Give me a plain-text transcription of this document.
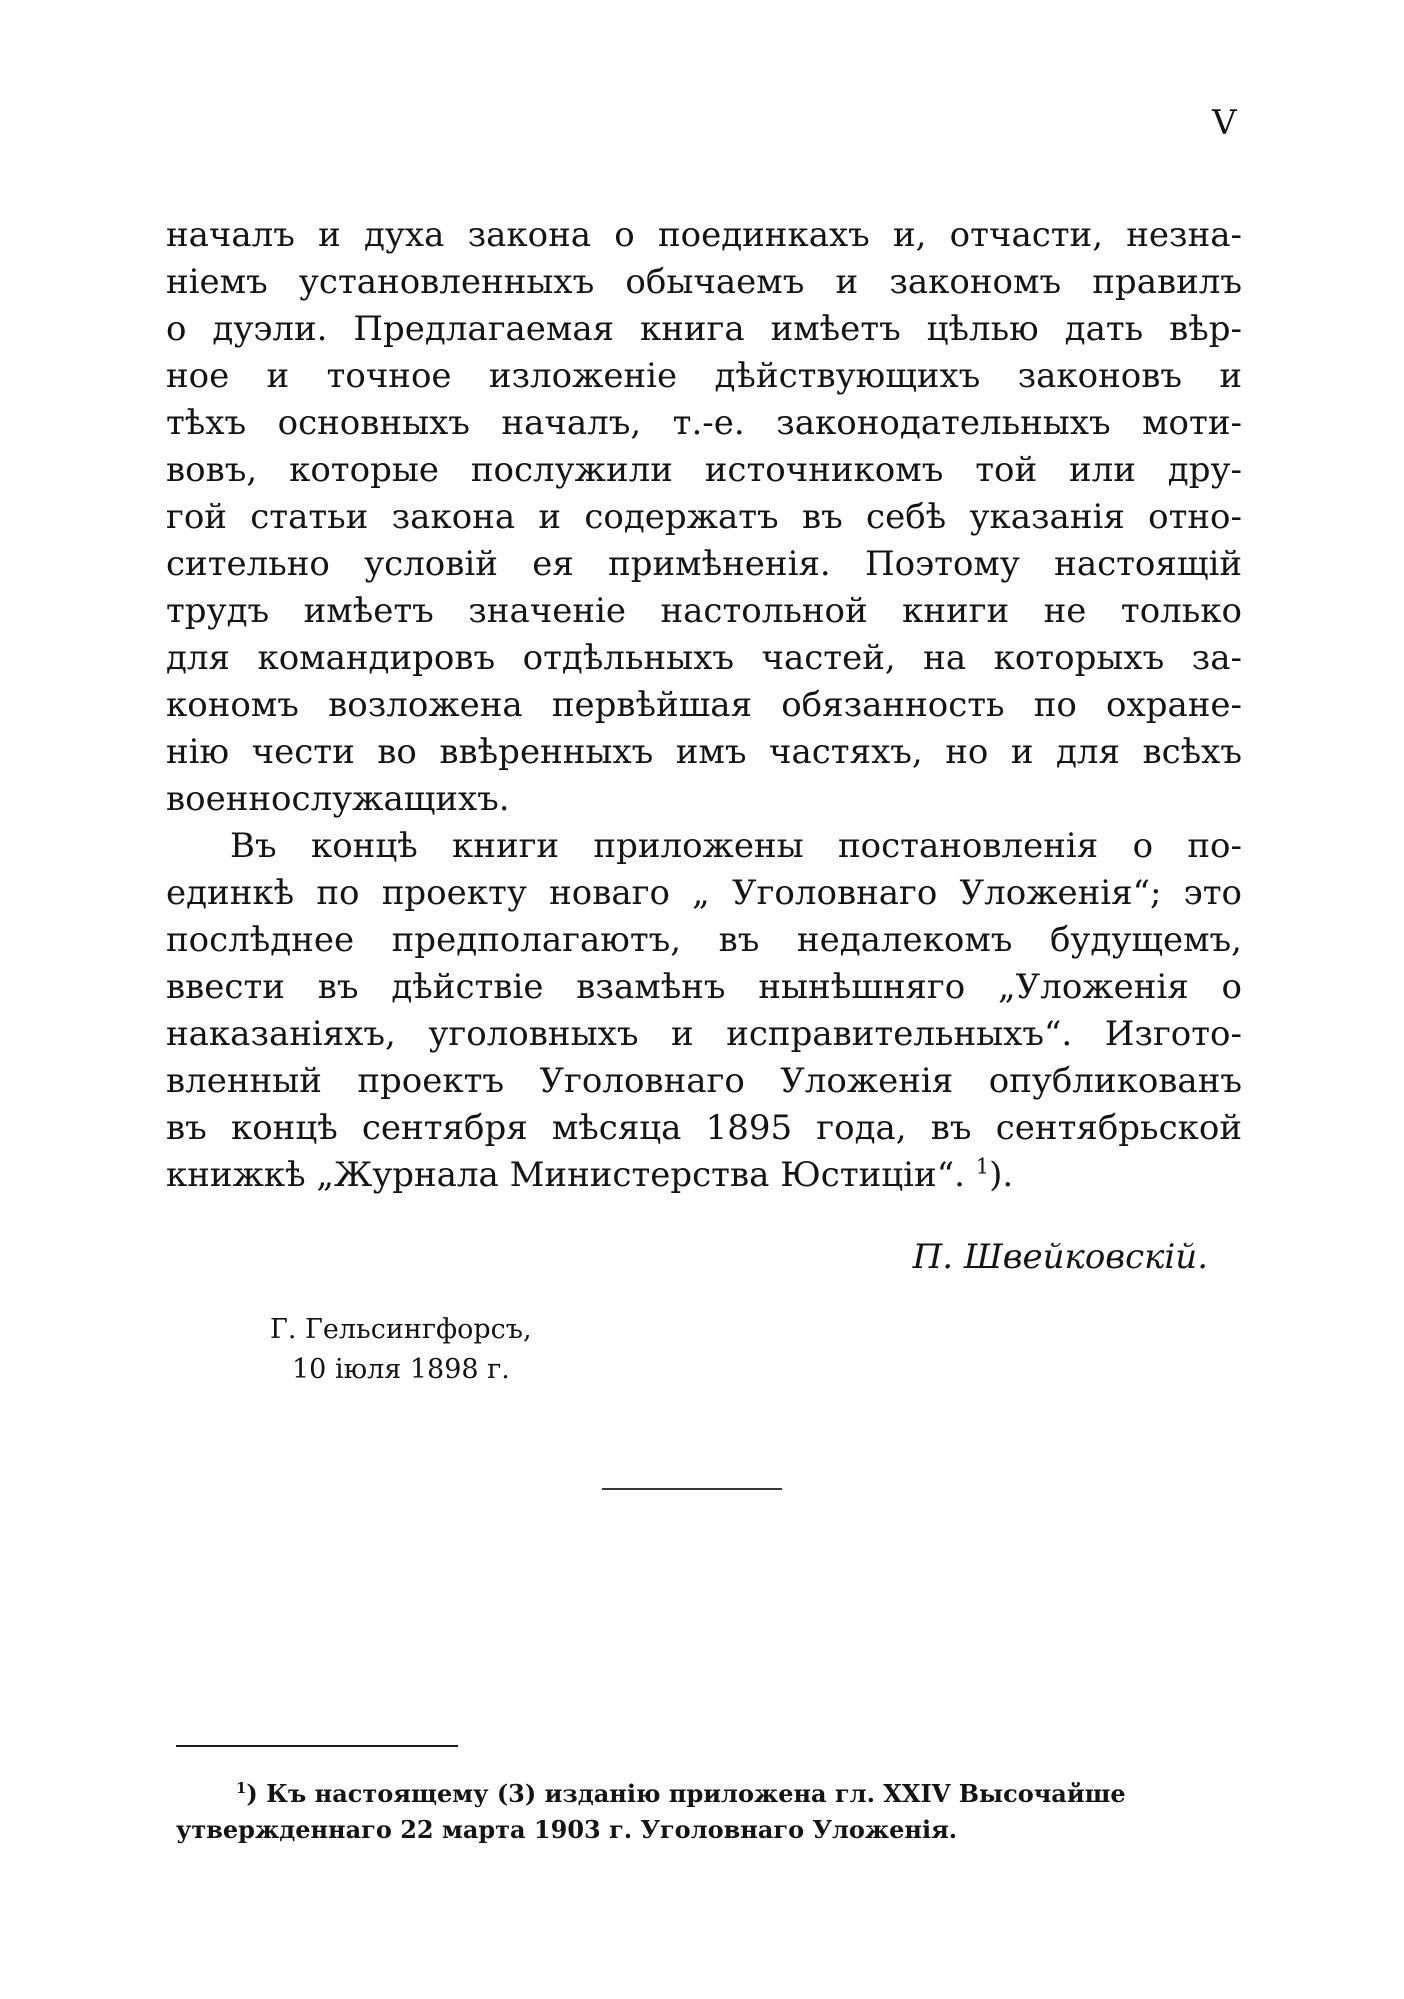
V
началъ и духа закона о поединкахъ и, отчасти, незна-
ніемъ установленныхъ обычаемъ и закономъ правилъ
о дуэли. Предлагаемая книга имѣетъ цѣлью дать вѣр-
ное и точное изложеніе дѣйствующихъ законовъ и
тѣхъ основныхъ началъ, т.-е. законодательныхъ моти-
вовъ, которые послужили источникомъ той или дру-
гой статьи закона и содержатъ въ себѣ указанія отно-
сительно условій ея примѣненія. Поэтому настоящій
трудъ имѣетъ значеніе настольной книги не только
для командировъ отдѣльныхъ частей, на которыхъ за-
кономъ возложена первѣйшая обязанность по охране-
нію чести во ввѣренныхъ имъ частяхъ, но и для всѣхъ
военнослужащихъ.
Въ концѣ книги приложены постановленія о по-
единкѣ по проекту новаго „ Уголовнаго Уложенія“; это
послѣднее предполагаютъ, въ недалекомъ будущемъ,
ввести въ дѣйствіе взамѣнъ нынѣшняго „Уложенія о
наказаніяхъ, уголовныхъ и исправительныхъ“. Изгото-
вленный проектъ Уголовнаго Уложенія опубликованъ
въ концѣ сентября мѣсяца 1895 года, въ сентябрьской
книжкѣ „Журнала Министерства Юстиціи“. $^1$).
П. Швейковскій.
Г. Гельсингфорсъ,
10 іюля 1898 г.
$^1$) Къ настоящему (3) изданію приложена гл. XXIV Высочайше
утвержденнаго 22 марта 1903 г. Уголовнаго Уложенія.
